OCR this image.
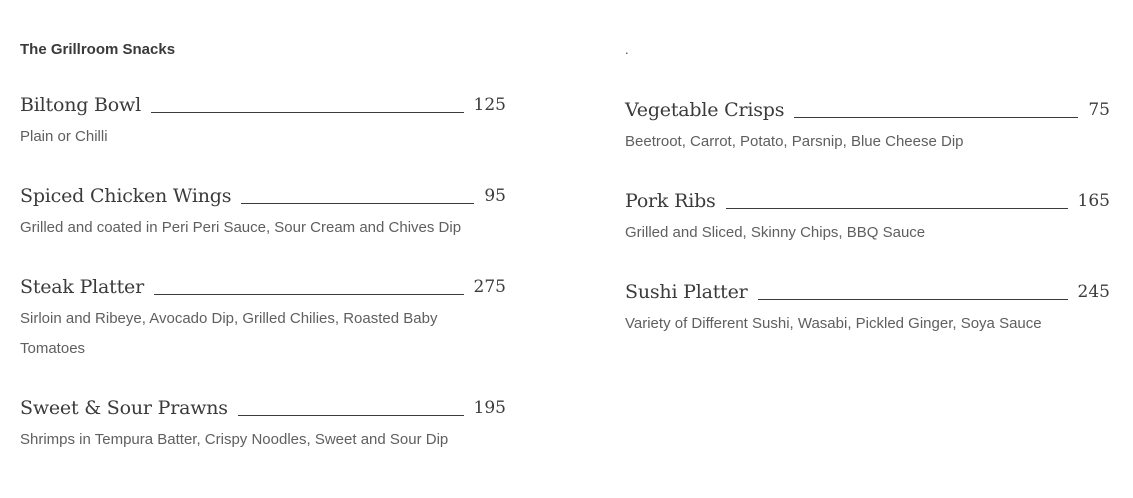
The Grillroom Snacks
Biltong Bowl	125
Plain or Chilli
Spiced Chicken Wings	95
Grilled and coated in Peri Peri Sauce, Sour Cream and Chives Dip
Steak Platter	275
Sirloin and Ribeye, Avocado Dip, Grilled Chilies, Roasted Baby Tomatoes
Sweet & Sour Prawns	195
Shrimps in Tempura Batter, Crispy Noodles, Sweet and Sour Dip
.
Vegetable Crisps	75
Beetroot, Carrot, Potato, Parsnip, Blue Cheese Dip
Pork Ribs	165
Grilled and Sliced, Skinny Chips, BBQ Sauce
Sushi Platter	245
Variety of Different Sushi, Wasabi, Pickled Ginger, Soya Sauce
